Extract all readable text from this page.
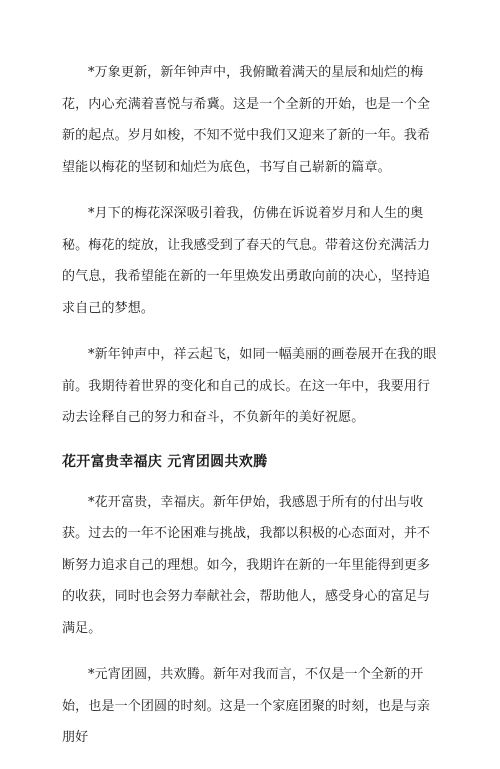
*万象更新，新年钟声中，我俯瞰着满天的星辰和灿烂的梅花，内心充满着喜悦与希冀。这是一个全新的开始，也是一个全新的起点。岁月如梭，不知不觉中我们又迎来了新的一年。我希望能以梅花的坚韧和灿烂为底色，书写自己崭新的篇章。

*月下的梅花深深吸引着我，仿佛在诉说着岁月和人生的奥秘。梅花的绽放，让我感受到了春天的气息。带着这份充满活力的气息，我希望能在新的一年里焕发出勇敢向前的决心，坚持追求自己的梦想。

*新年钟声中，祥云起飞，如同一幅美丽的画卷展开在我的眼前。我期待着世界的变化和自己的成长。在这一年中，我要用行动去诠释自己的努力和奋斗，不负新年的美好祝愿。

花开富贵幸福庆 元宵团圆共欢腾

*花开富贵，幸福庆。新年伊始，我感恩于所有的付出与收获。过去的一年不论困难与挑战，我都以积极的心态面对，并不断努力追求自己的理想。如今，我期许在新的一年里能得到更多的收获，同时也会努力奉献社会，帮助他人，感受身心的富足与满足。

*元宵团圆，共欢腾。新年对我而言，不仅是一个全新的开始，也是一个团圆的时刻。这是一个家庭团聚的时刻，也是与亲朋好
